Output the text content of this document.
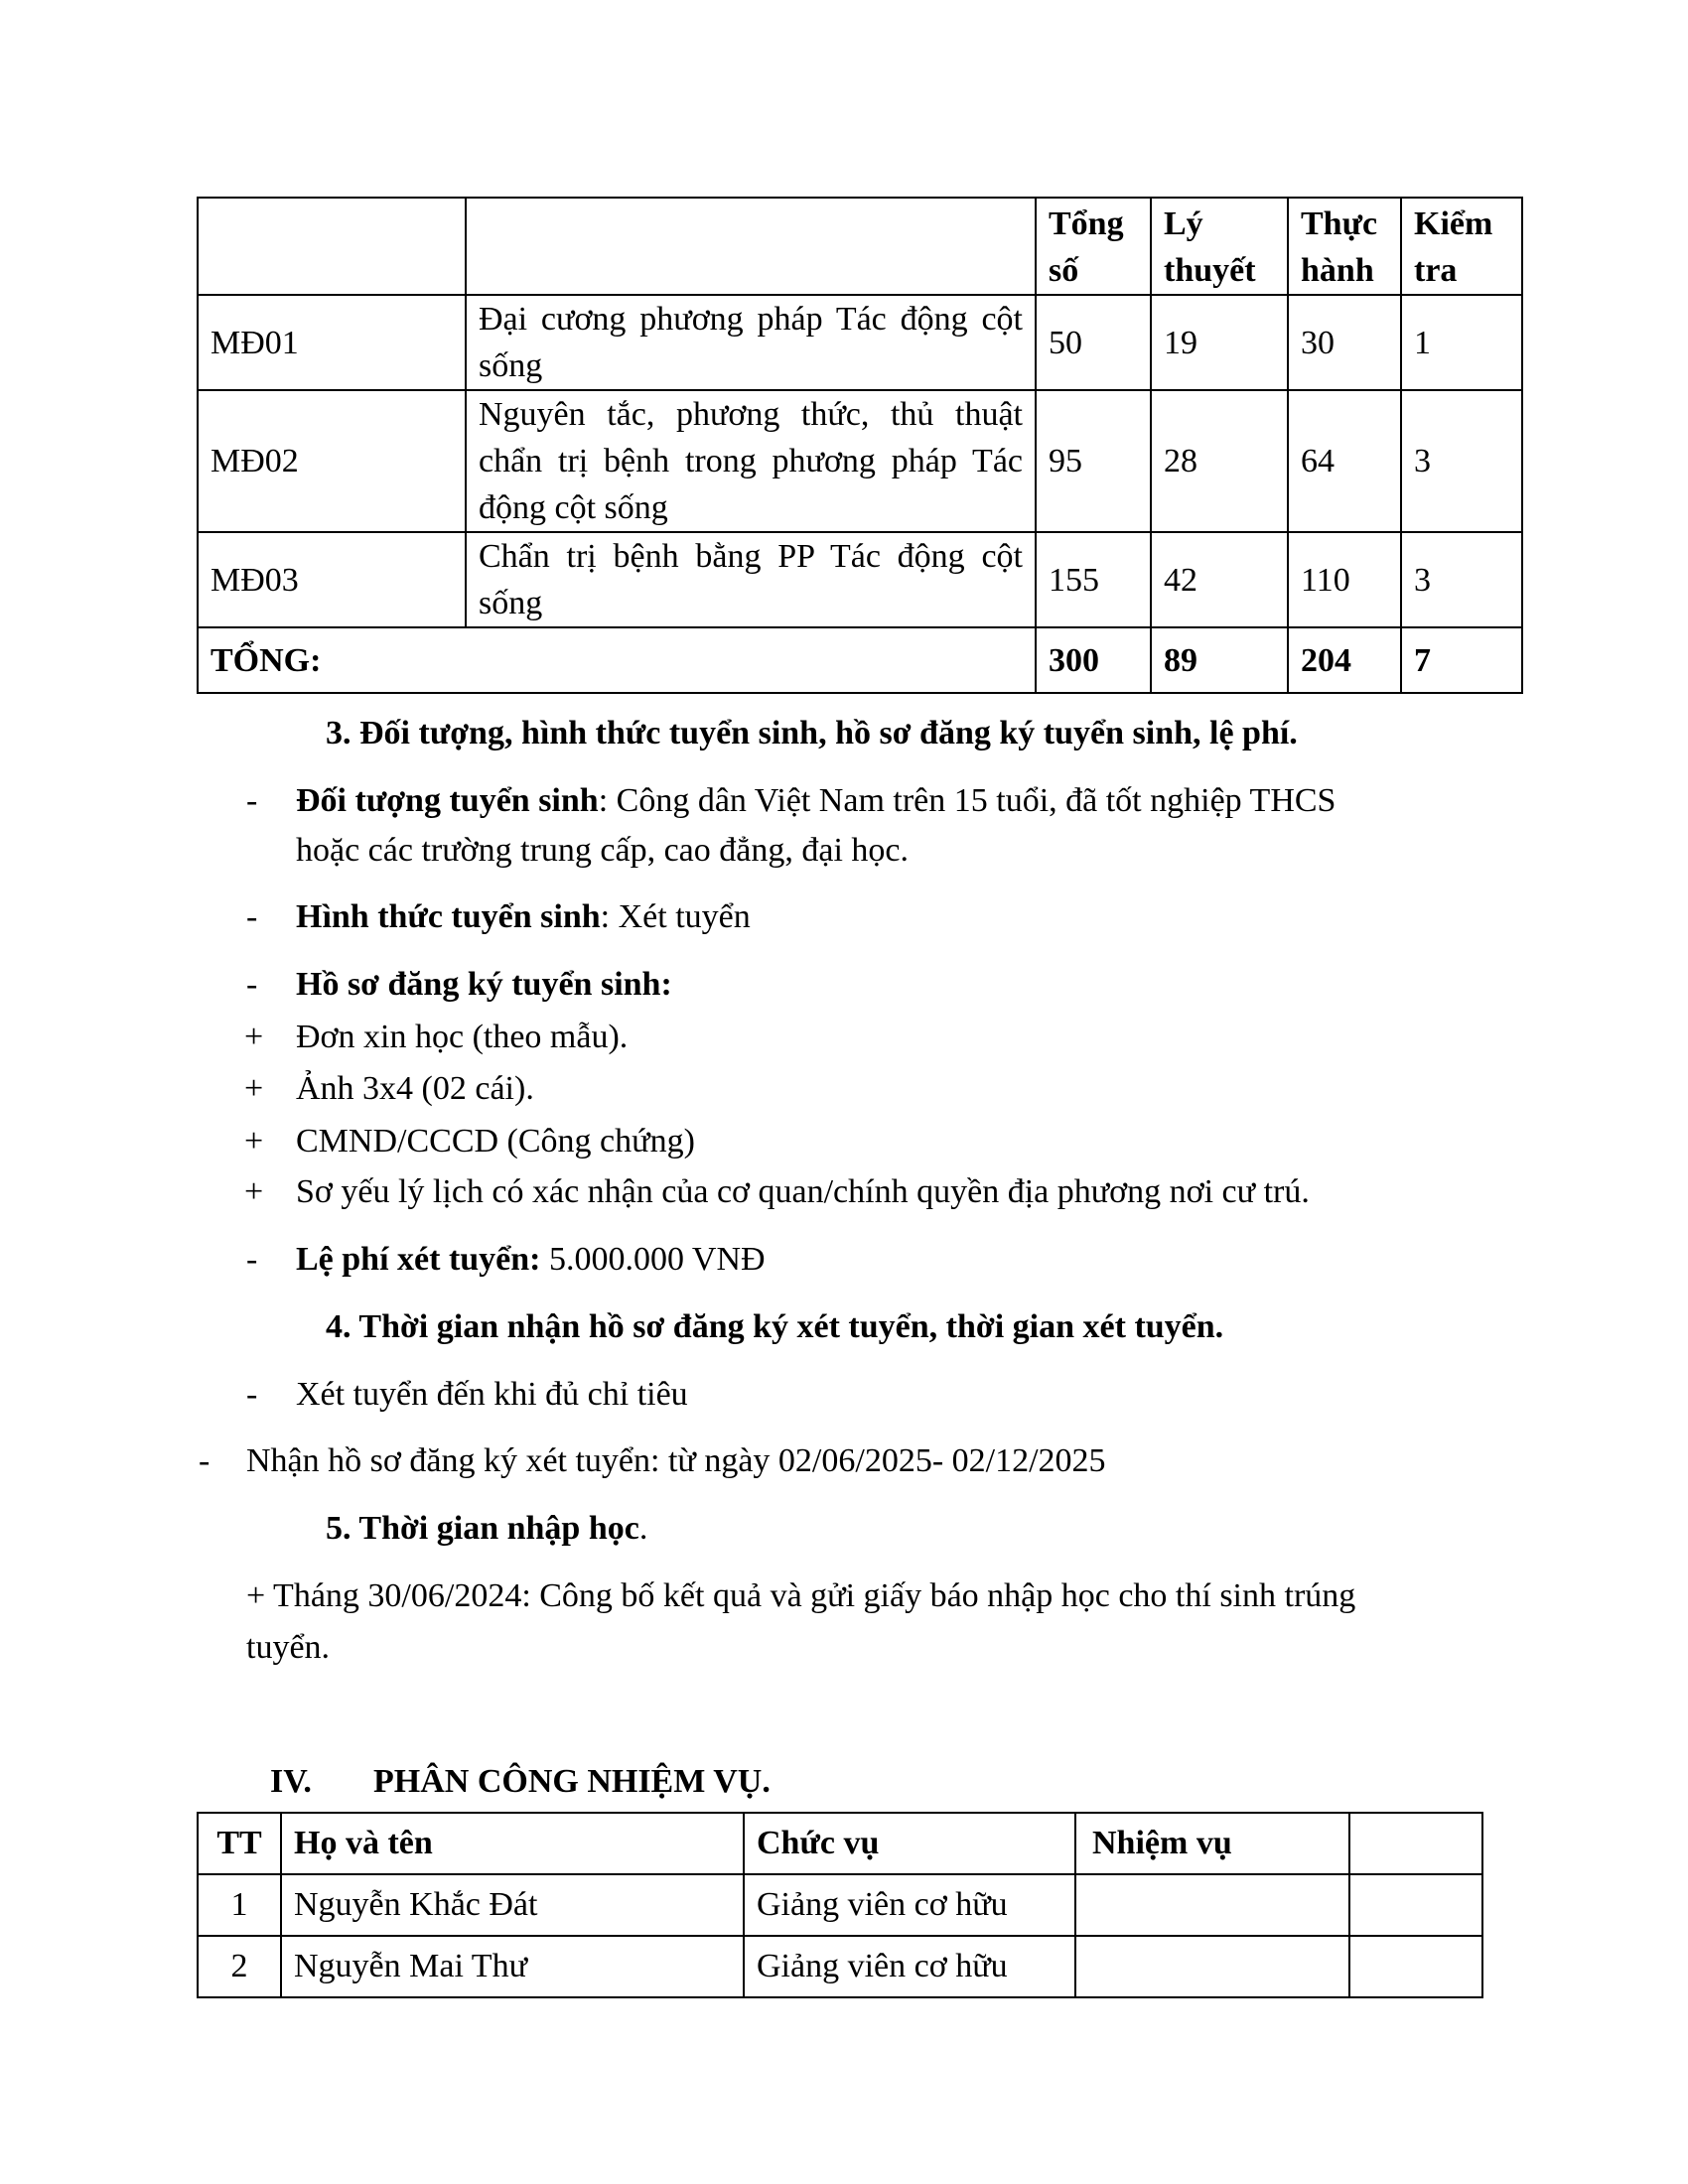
		Tổng số	Lý thuyết	Thực hành	Kiểm tra
MĐ01	Đại cương phương pháp Tác động cột sống	50	19	30	1
MĐ02	Nguyên tắc, phương thức, thủ thuật chẩn trị bệnh trong phương pháp Tác động cột sống	95	28	64	3
MĐ03	Chẩn trị bệnh bằng PP Tác động cột sống	155	42	110	3
TỔNG:		300	89	204	7
3. Đối tượng, hình thức tuyển sinh, hồ sơ đăng ký tuyển sinh, lệ phí.
- Đối tượng tuyển sinh: Công dân Việt Nam trên 15 tuổi, đã tốt nghiệp THCS
hoặc các trường trung cấp, cao đẳng, đại học.
- Hình thức tuyển sinh: Xét tuyển
- Hồ sơ đăng ký tuyển sinh:
+ Đơn xin học (theo mẫu).
+ Ảnh 3x4 (02 cái).
+ CMND/CCCD (Công chứng)
+ Sơ yếu lý lịch có xác nhận của cơ quan/chính quyền địa phương nơi cư trú.
- Lệ phí xét tuyển: 5.000.000 VNĐ
4. Thời gian nhận hồ sơ đăng ký xét tuyển, thời gian xét tuyển.
- Xét tuyển đến khi đủ chỉ tiêu
- Nhận hồ sơ đăng ký xét tuyển: từ ngày 02/06/2025- 02/12/2025
5. Thời gian nhập học.
+ Tháng 30/06/2024: Công bố kết quả và gửi giấy báo nhập học cho thí sinh trúng
tuyển.
IV. PHÂN CÔNG NHIỆM VỤ.
TT	Họ và tên	Chức vụ	Nhiệm vụ	
1	Nguyễn Khắc Đát	Giảng viên cơ hữu		
2	Nguyễn Mai Thư	Giảng viên cơ hữu		
